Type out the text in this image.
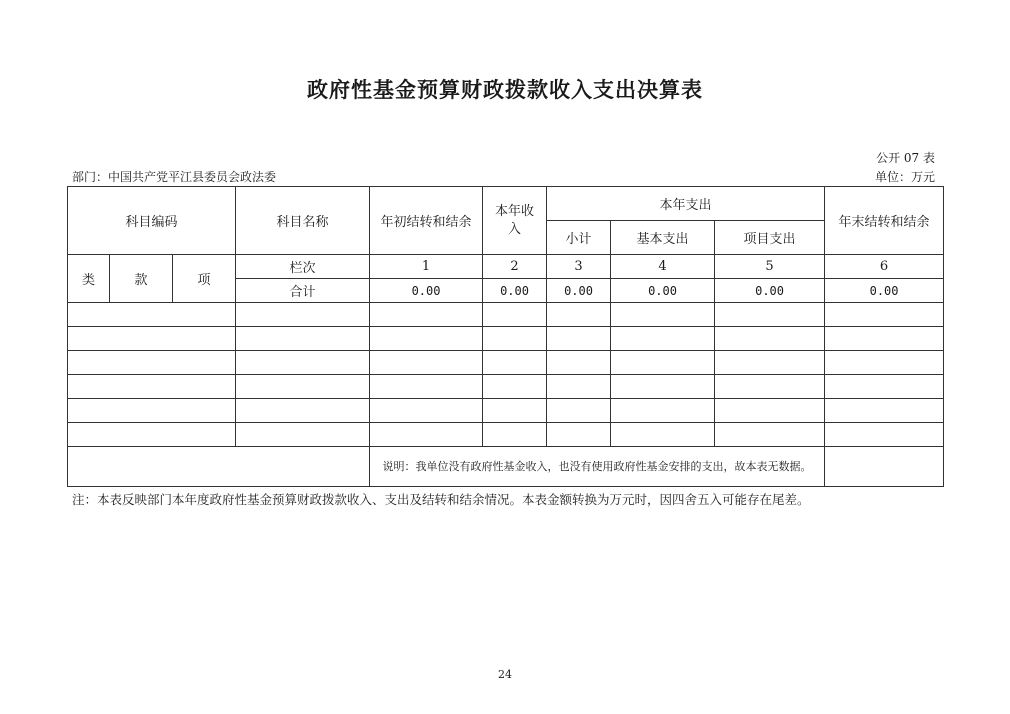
政府性基金预算财政拨款收入支出决算表
公开 07 表
部门：中国共产党平江县委员会政法委	单位：万元
科目编码			科目名称	年初结转和结余	本年收入	本年支出			年末结转和结余
						小计	基本支出	项目支出	
类	款	项	栏次	1	2	3	4	5	6
			合计	0.00	0.00	0.00	0.00	0.00	0.00

				说明：我单位没有政府性基金收入，也没有使用政府性基金安排的支出，故本表无数据。					
注：本表反映部门本年度政府性基金预算财政拨款收入、支出及结转和结余情况。本表金额转换为万元时，因四舍五入可能存在尾差。
24
